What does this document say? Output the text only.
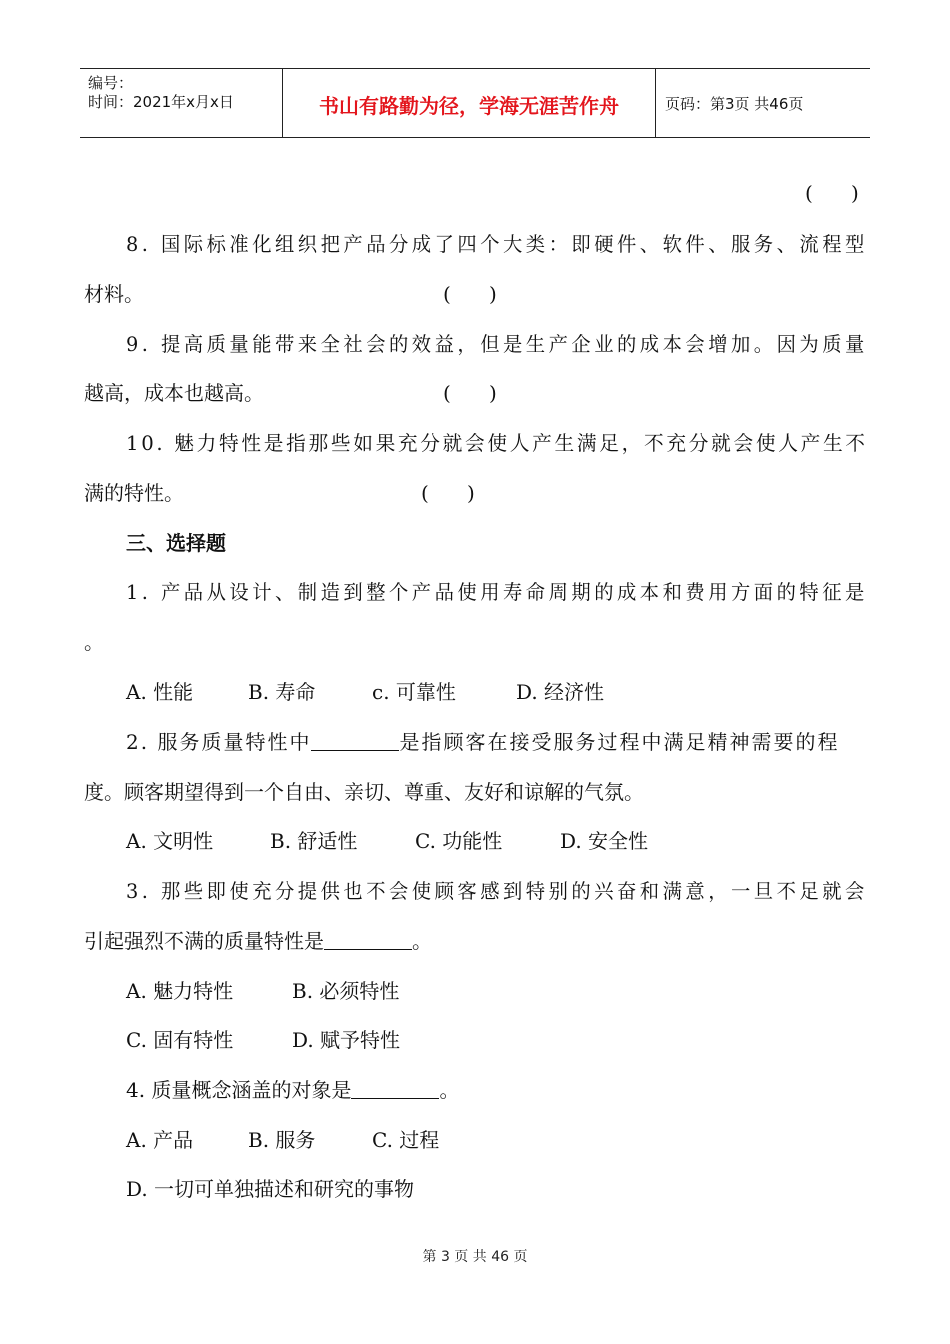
编号：
时间：2021年x月x日	书山有路勤为径，学海无涯苦作舟	页码：第3页 共46页
(      )
8. 国际标准化组织把产品分成了四个大类：即硬件、软件、服务、流程型
材料。	(      )
9. 提高质量能带来全社会的效益，但是生产企业的成本会增加。因为质量
越高，成本也越高。	(      )
10. 魅力特性是指那些如果充分就会使人产生满足，不充分就会使人产生不
满的特性。	(      )
三、选择题
1. 产品从设计、制造到整个产品使用寿命周期的成本和费用方面的特征是
。
A. 性能	B. 寿命	c. 可靠性	D. 经济性
2. 服务质量特性中	是指顾客在接受服务过程中满足精神需要的程
度。顾客期望得到一个自由、亲切、尊重、友好和谅解的气氛。
A. 文明性	B. 舒适性	C. 功能性	D. 安全性
3. 那些即使充分提供也不会使顾客感到特别的兴奋和满意，一旦不足就会
引起强烈不满的质量特性是	。
A. 魅力特性	B. 必须特性
C. 固有特性	D. 赋予特性
4. 质量概念涵盖的对象是	。
A. 产品	B. 服务	C. 过程
D. 一切可单独描述和研究的事物
第 3 页 共 46 页
